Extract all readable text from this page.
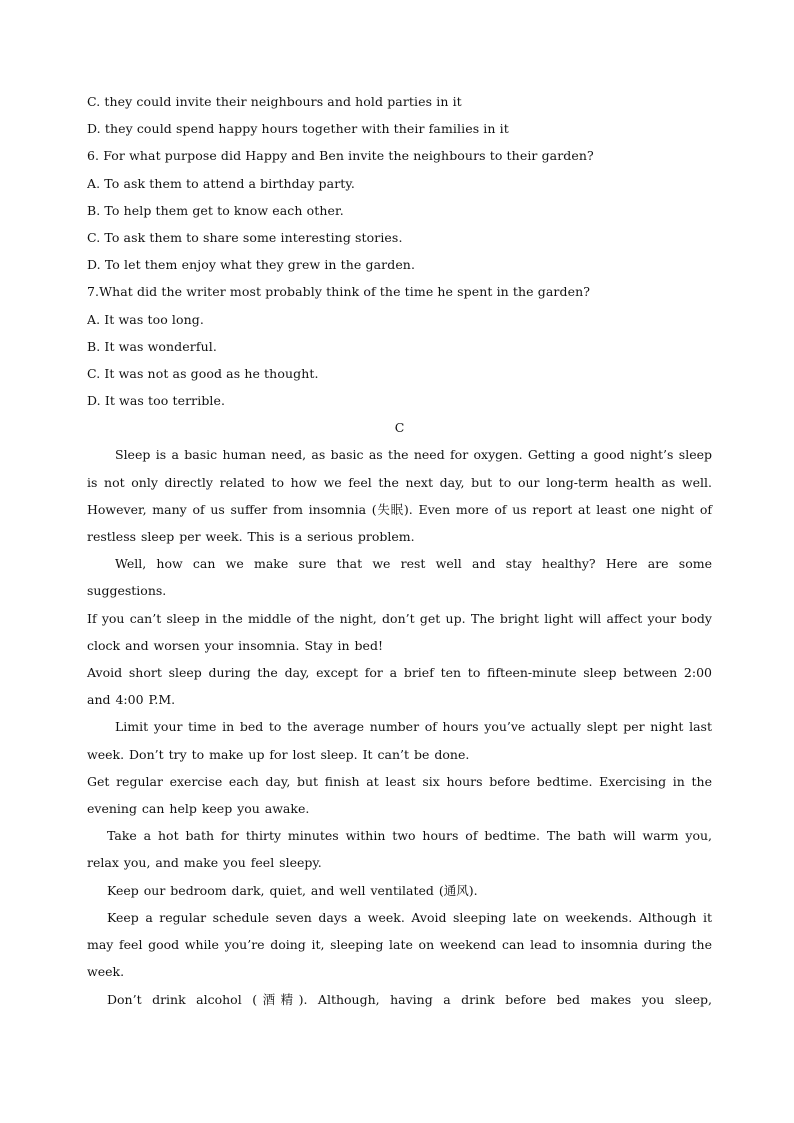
C. they could invite their neighbours and hold parties in it
D. they could spend happy hours together with their families in it
6. For what purpose did Happy and Ben invite the neighbours to their garden?
A. To ask them to attend a birthday party.
B. To help them get to know each other.
C. To ask them to share some interesting stories.
D. To let them enjoy what they grew in the garden.
7.What did the writer most probably think of the time he spent in the garden?
A. It was too long.
B. It was wonderful.
C. It was not as good as he thought.
D. It was too terrible.
C
Sleep is a basic human need, as basic as the need for oxygen. Getting a good night’s sleep is not only directly related to how we feel the next day, but to our long-term health as well. However, many of us suffer from insomnia (失眠). Even more of us report at least one night of restless sleep per week. This is a serious problem.
Well, how can we make sure that we rest well and stay healthy? Here are some suggestions.
If you can’t sleep in the middle of the night, don’t get up. The bright light will affect your body clock and worsen your insomnia. Stay in bed!
Avoid short sleep during the day, except for a brief ten to fifteen-minute sleep between 2:00 and 4:00 P.M.
Limit your time in bed to the average number of hours you’ve actually slept per night last week. Don’t try to make up for lost sleep. It can’t be done.
Get regular exercise each day, but finish at least six hours before bedtime. Exercising in the evening can help keep you awake.
Take a hot bath for thirty minutes within two hours of bedtime. The bath will warm you, relax you, and make you feel sleepy.
Keep our bedroom dark, quiet, and well ventilated (通风).
Keep a regular schedule seven days a week. Avoid sleeping late on weekends. Although it may feel good while you’re doing it, sleeping late on weekend can lead to insomnia during the week.
Don’t drink alcohol (酒精). Although, having a drink before bed makes you sleep,
